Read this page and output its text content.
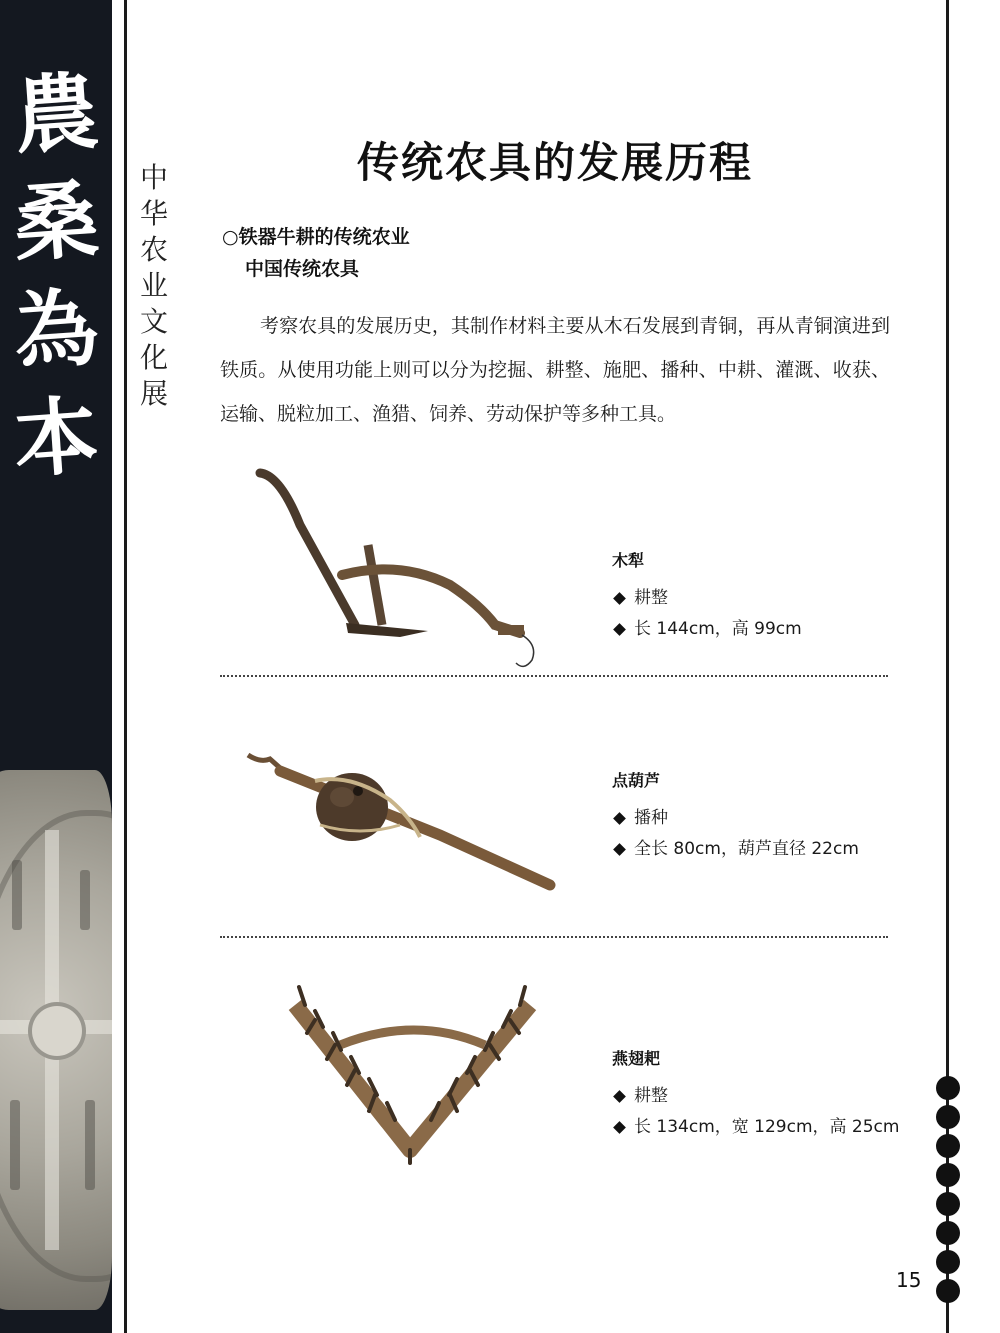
農
桑
為
本
中
华
农
业
文
化
展
传统农具的发展历程
○铁器牛耕的传统农业
中国传统农具
考察农具的发展历史，其制作材料主要从木石发展到青铜，再从青铜演进到铁质。从使用功能上则可以分为挖掘、耕整、施肥、播种、中耕、灌溉、收获、运输、脱粒加工、渔猎、饲养、劳动保护等多种工具。
木犁
耕整
长 144cm，高 99cm
点葫芦
播种
全长 80cm，葫芦直径 22cm
燕翅耙
耕整
长 134cm，宽 129cm，高 25cm
15
